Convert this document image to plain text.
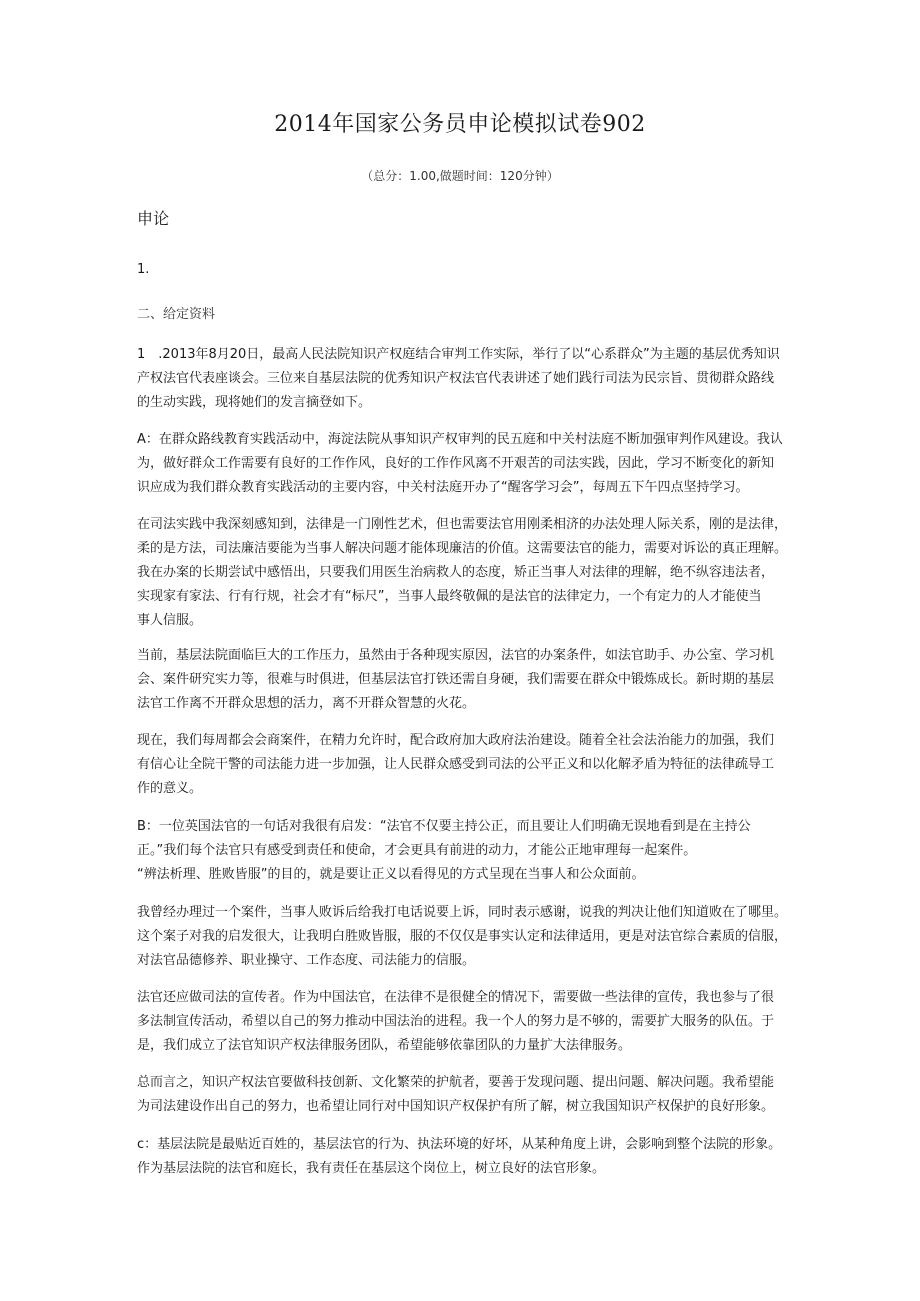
2014年国家公务员申论模拟试卷902
（总分：1.00,做题时间：120分钟）
申论
1.
二、给定资料
1　.2013年8月20日，最高人民法院知识产权庭结合审判工作实际，举行了以“心系群众”为主题的基层优秀知识
产权法官代表座谈会。三位来自基层法院的优秀知识产权法官代表讲述了她们践行司法为民宗旨、贯彻群众路线
的生动实践，现将她们的发言摘登如下。
A：在群众路线教育实践活动中，海淀法院从事知识产权审判的民五庭和中关村法庭不断加强审判作风建设。我认
为，做好群众工作需要有良好的工作作风，良好的工作作风离不开艰苦的司法实践，因此，学习不断变化的新知
识应成为我们群众教育实践活动的主要内容，中关村法庭开办了“醒客学习会”，每周五下午四点坚持学习。
在司法实践中我深刻感知到，法律是一门刚性艺术，但也需要法官用刚柔相济的办法处理人际关系，刚的是法律，
柔的是方法，司法廉洁要能为当事人解决问题才能体现廉洁的价值。这需要法官的能力，需要对诉讼的真正理解。
我在办案的长期尝试中感悟出，只要我们用医生治病救人的态度，矫正当事人对法律的理解，绝不纵容违法者，
实现家有家法、行有行规，社会才有“标尺”，当事人最终敬佩的是法官的法律定力，一个有定力的人才能使当
事人信服。
当前，基层法院面临巨大的工作压力，虽然由于各种现实原因，法官的办案条件，如法官助手、办公室、学习机
会、案件研究实力等，很难与时俱进，但基层法官打铁还需自身硬，我们需要在群众中锻炼成长。新时期的基层
法官工作离不开群众思想的活力，离不开群众智慧的火花。
现在，我们每周都会会商案件，在精力允许时，配合政府加大政府法治建设。随着全社会法治能力的加强，我们
有信心让全院干警的司法能力进一步加强，让人民群众感受到司法的公平正义和以化解矛盾为特征的法律疏导工
作的意义。
B：一位英国法官的一句话对我很有启发：“法官不仅要主持公正，而且要让人们明确无误地看到是在主持公
正。”我们每个法官只有感受到责任和使命，才会更具有前进的动力，才能公正地审理每一起案件。
“辨法析理、胜败皆服”的目的，就是要让正义以看得见的方式呈现在当事人和公众面前。
我曾经办理过一个案件，当事人败诉后给我打电话说要上诉，同时表示感谢，说我的判决让他们知道败在了哪里。
这个案子对我的启发很大，让我明白胜败皆服，服的不仅仅是事实认定和法律适用，更是对法官综合素质的信服，
对法官品德修养、职业操守、工作态度、司法能力的信服。
法官还应做司法的宣传者。作为中国法官，在法律不是很健全的情况下，需要做一些法律的宣传，我也参与了很
多法制宣传活动，希望以自己的努力推动中国法治的进程。我一个人的努力是不够的，需要扩大服务的队伍。于
是，我们成立了法官知识产权法律服务团队，希望能够依靠团队的力量扩大法律服务。
总而言之，知识产权法官要做科技创新、文化繁荣的护航者，要善于发现问题、提出问题、解决问题。我希望能
为司法建设作出自己的努力，也希望让同行对中国知识产权保护有所了解，树立我国知识产权保护的良好形象。
c：基层法院是最贴近百姓的，基层法官的行为、执法环境的好坏，从某种角度上讲，会影响到整个法院的形象。
作为基层法院的法官和庭长，我有责任在基层这个岗位上，树立良好的法官形象。
